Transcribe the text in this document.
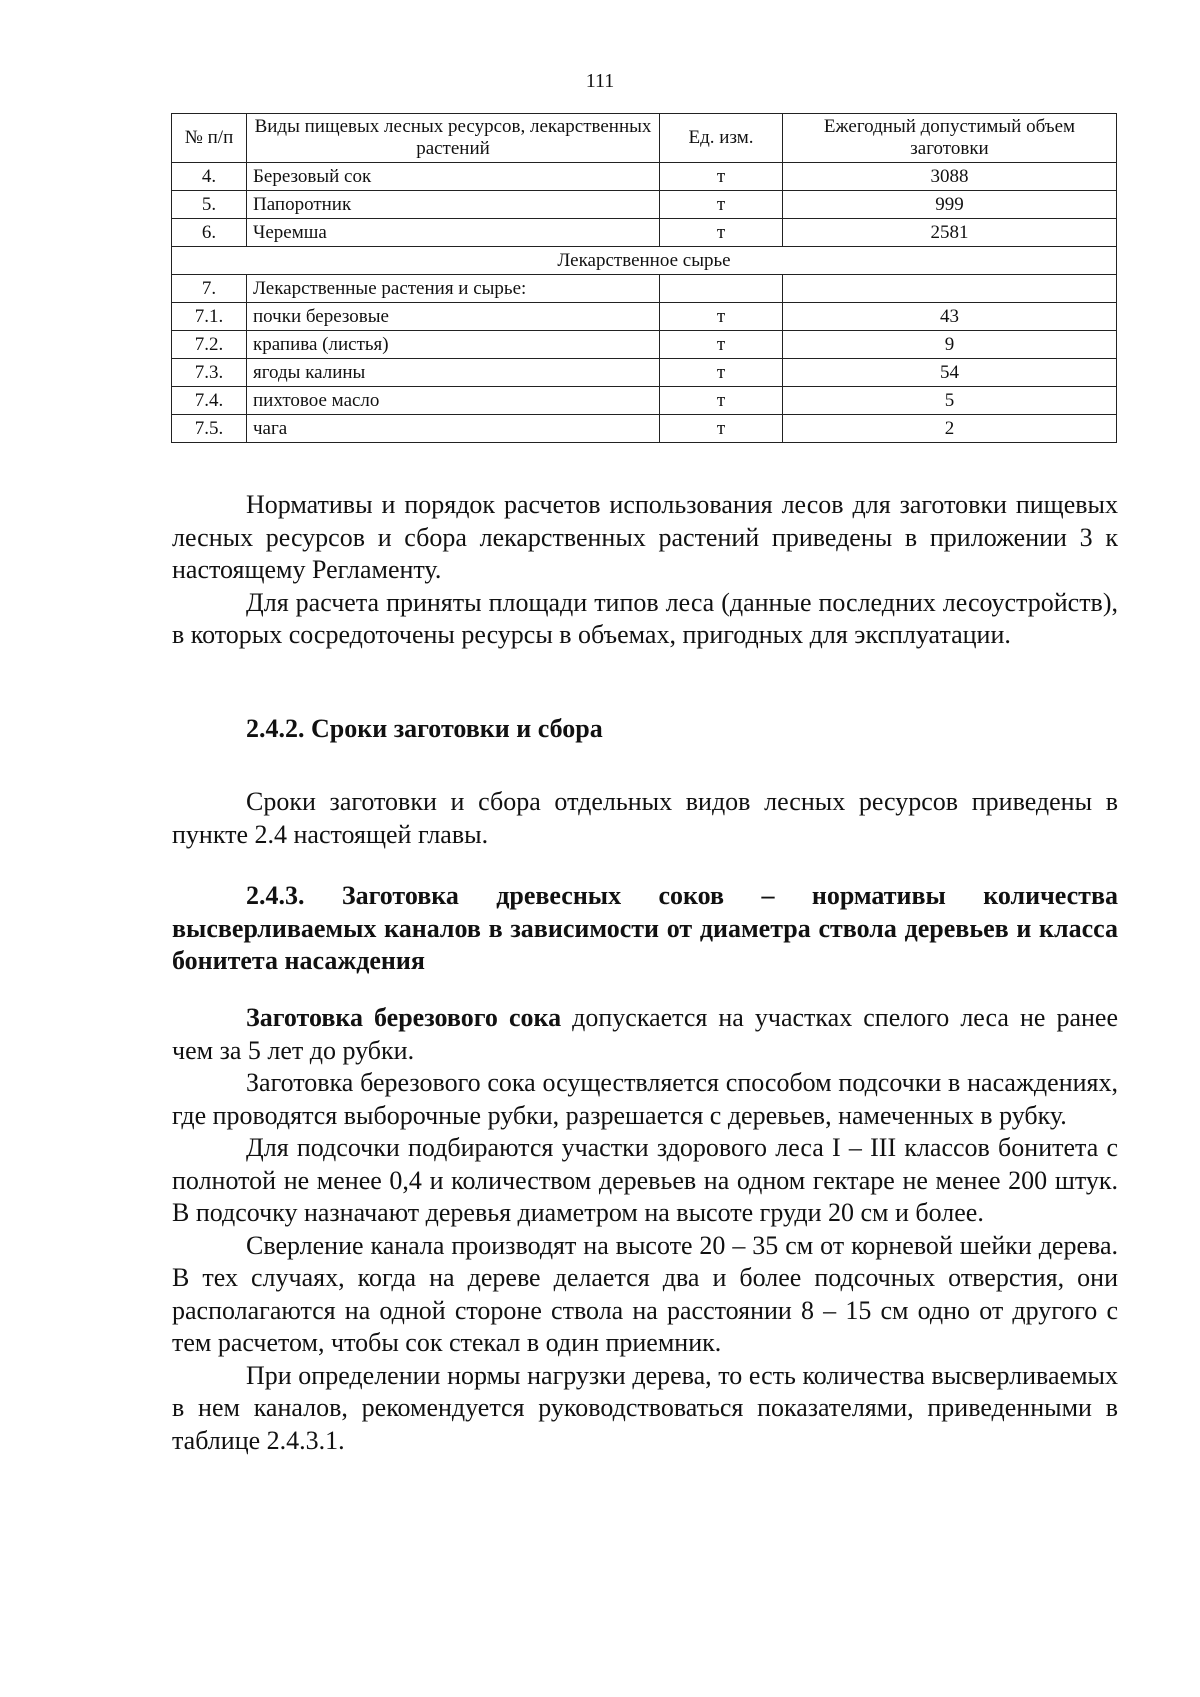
111
№ п/п	Виды пищевых лесных ресурсов, лекарственных растений	Ед. изм.	Ежегодный допустимый объем заготовки
4.	Березовый сок	т	3088
5.	Папоротник	т	999
6.	Черемша	т	2581
Лекарственное сырье			
7.	Лекарственные растения и сырье:		
7.1.	почки березовые	т	43
7.2.	крапива (листья)	т	9
7.3.	ягоды калины	т	54
7.4.	пихтовое масло	т	5
7.5.	чага	т	2

Нормативы и порядок расчетов использования лесов для заготовки пищевых лесных ресурсов и сбора лекарственных растений приведены в приложении 3 к настоящему Регламенту.

Для расчета приняты площади типов леса (данные последних лесоустройств), в которых сосредоточены ресурсы в объемах, пригодных для эксплуатации.

2.4.2. Сроки заготовки и сбора

Сроки заготовки и сбора отдельных видов лесных ресурсов приведены в пункте 2.4 настоящей главы.

2.4.3. Заготовка древесных соков – нормативы количества высверливаемых каналов в зависимости от диаметра ствола деревьев и класса бонитета насаждения

Заготовка березового сока допускается на участках спелого леса не ранее чем за 5 лет до рубки.

Заготовка березового сока осуществляется способом подсочки в насаждениях, где проводятся выборочные рубки, разрешается с деревьев, намеченных в рубку.

Для подсочки подбираются участки здорового леса I – III классов бонитета с полнотой не менее 0,4 и количеством деревьев на одном гектаре не менее 200 штук. В подсочку назначают деревья диаметром на высоте груди 20 см и более.

Сверление канала производят на высоте 20 – 35 см от корневой шейки дерева. В тех случаях, когда на дереве делается два и более подсочных отверстия, они располагаются на одной стороне ствола на расстоянии 8 – 15 см одно от другого с тем расчетом, чтобы сок стекал в один приемник.

При определении нормы нагрузки дерева, то есть количества высверливаемых в нем каналов, рекомендуется руководствоваться показателями, приведенными в таблице 2.4.3.1.
